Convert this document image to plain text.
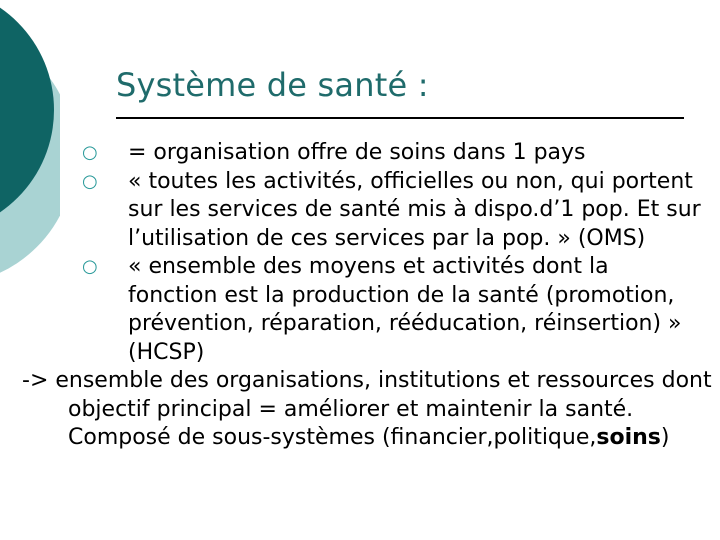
Système de santé :
○ = organisation offre de soins dans 1 pays
○ « toutes les activités, officielles ou non, qui portent sur les services de santé mis à dispo.d’1 pop. Et sur l’utilisation de ces services par la pop. » (OMS)
○ « ensemble des moyens et activités dont la fonction est la production de la santé (promotion, prévention, réparation, rééducation, réinsertion) » (HCSP)
-> ensemble des organisations, institutions et ressources dont objectif principal = améliorer et maintenir la santé. Composé de sous-systèmes (financier,politique,soins)
